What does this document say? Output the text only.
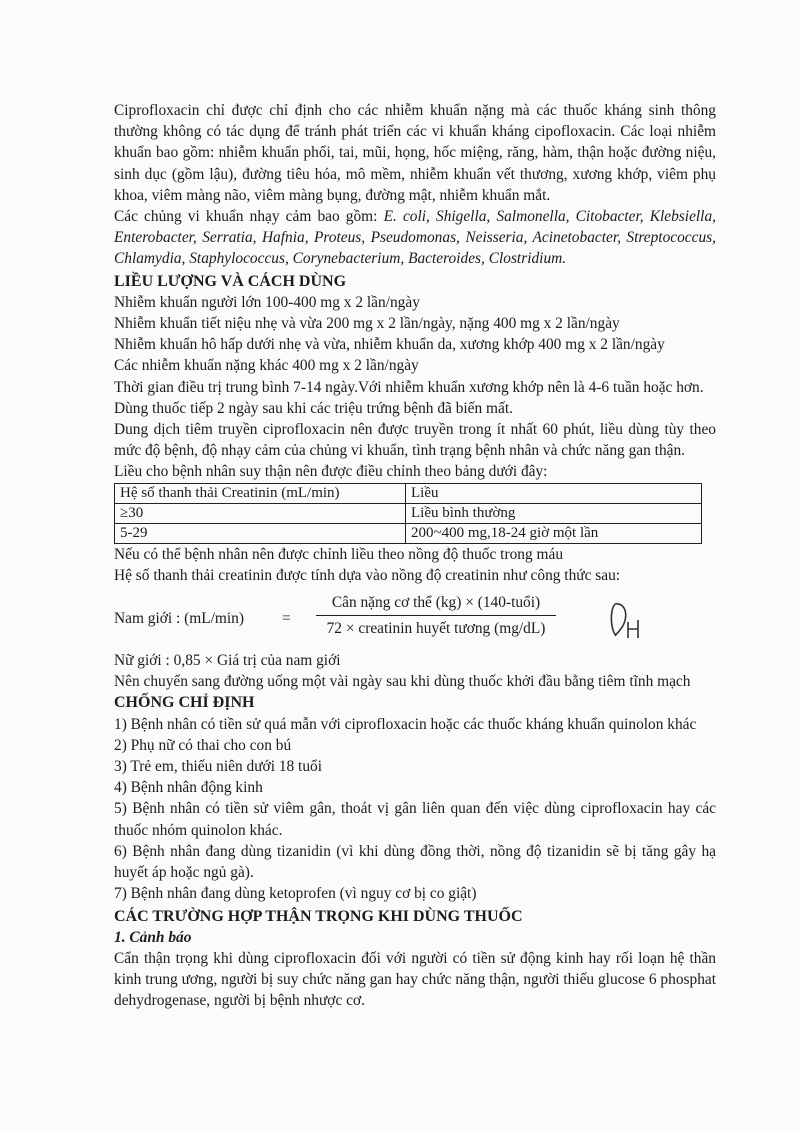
Ciprofloxacin chỉ được chỉ định cho các nhiễm khuẩn nặng mà các thuốc kháng sinh thông thường không có tác dụng để tránh phát triển các vi khuẩn kháng cipofloxacin. Các loại nhiễm khuẩn bao gồm: nhiễm khuẩn phổi, tai, mũi, họng, hốc miệng, răng, hàm, thận hoặc đường niệu, sinh dục (gồm lậu), đường tiêu hóa, mô mềm, nhiễm khuẩn vết thương, xương khớp, viêm phụ khoa, viêm màng não, viêm màng bụng, đường mật, nhiễm khuẩn mắt.

Các chủng vi khuẩn nhạy cảm bao gồm: E. coli, Shigella, Salmonella, Citobacter, Klebsiella, Enterobacter, Serratia, Hafnia, Proteus, Pseudomonas, Neisseria, Acinetobacter, Streptococcus, Chlamydia, Staphylococcus, Corynebacterium, Bacteroides, Clostridium.

LIỀU LƯỢNG VÀ CÁCH DÙNG

Nhiễm khuẩn người lớn 100-400 mg x 2 lần/ngày

Nhiễm khuẩn tiết niệu nhẹ và vừa 200 mg x 2 lần/ngày, nặng 400 mg x 2 lần/ngày

Nhiễm khuẩn hô hấp dưới nhẹ và vừa, nhiễm khuẩn da, xương khớp 400 mg x 2 lần/ngày

Các nhiễm khuẩn nặng khác 400 mg x 2 lần/ngày

Thời gian điều trị trung bình 7-14 ngày.Với nhiễm khuẩn xương khớp nên là 4-6 tuần hoặc hơn.

Dùng thuốc tiếp 2 ngày sau khi các triệu trứng bệnh đã biến mất.

Dung dịch tiêm truyền ciprofloxacin nên được truyền trong ít nhất 60 phút, liều dùng tùy theo mức độ bệnh, độ nhạy cảm của chủng vi khuẩn, tình trạng bệnh nhân và chức năng gan thận.

Liều cho bệnh nhân suy thận nên được điều chỉnh theo bảng dưới đây:

Hệ số thanh thải Creatinin (mL/min)	Liều
≥30	Liều bình thường
5-29	200~400 mg,18-24 giờ một lần

Nếu có thể bệnh nhân nên được chỉnh liều theo nồng độ thuốc trong máu

Hệ số thanh thải creatinin được tính dựa vào nồng độ creatinin như công thức sau:

Nam giới : (mL/min) =
Cân nặng cơ thể (kg) × (140-tuổi)
72 × creatinin huyết tương (mg/dL)

Nữ giới : 0,85 × Giá trị của nam giới

Nên chuyển sang đường uống một vài ngày sau khi dùng thuốc khởi đầu bằng tiêm tĩnh mạch

CHỐNG CHỈ ĐỊNH

1) Bệnh nhân có tiền sử quá mẫn với ciprofloxacin hoặc các thuốc kháng khuẩn quinolon khác

2) Phụ nữ có thai cho con bú

3) Trẻ em, thiếu niên dưới 18 tuổi

4) Bệnh nhân động kinh

5) Bệnh nhân có tiền sử viêm gân, thoát vị gân liên quan đến việc dùng ciprofloxacin hay các thuốc nhóm quinolon khác.

6) Bệnh nhân đang dùng tizanidin (vì khi dùng đồng thời, nồng độ tizanidin sẽ bị tăng gây hạ huyết áp hoặc ngủ gà).

7) Bệnh nhân đang dùng ketoprofen (vì nguy cơ bị co giật)

CÁC TRƯỜNG HỢP THẬN TRỌNG KHI DÙNG THUỐC

1. Cảnh báo

Cẩn thận trọng khi dùng ciprofloxacin đối với người có tiền sử động kinh hay rối loạn hệ thần kinh trung ương, người bị suy chức năng gan hay chức năng thận, người thiếu glucose 6 phosphat dehydrogenase, người bị bệnh nhược cơ.
